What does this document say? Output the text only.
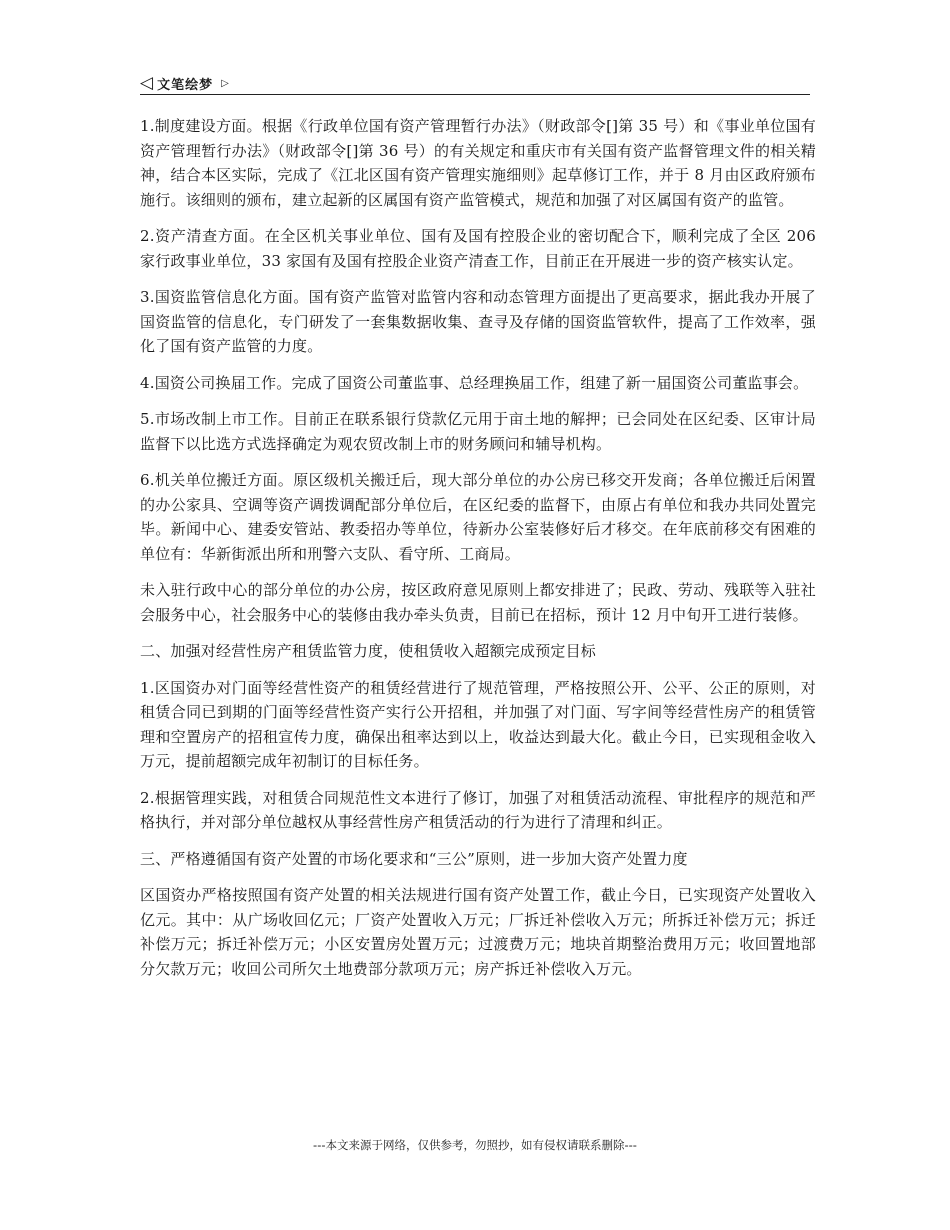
◁ 文笔绘梦 ▷

1.制度建设方面。根据《行政单位国有资产管理暂行办法》（财政部令[]第 35 号）和《事业单位国有资产管理暂行办法》（财政部令[]第 36 号）的有关规定和重庆市有关国有资产监督管理文件的相关精神，结合本区实际，完成了《江北区国有资产管理实施细则》起草修订工作，并于 8 月由区政府颁布施行。该细则的颁布，建立起新的区属国有资产监管模式，规范和加强了对区属国有资产的监管。

2.资产清查方面。在全区机关事业单位、国有及国有控股企业的密切配合下，顺利完成了全区 206 家行政事业单位，33 家国有及国有控股企业资产清查工作，目前正在开展进一步的资产核实认定。

3.国资监管信息化方面。国有资产监管对监管内容和动态管理方面提出了更高要求，据此我办开展了国资监管的信息化，专门研发了一套集数据收集、查寻及存储的国资监管软件，提高了工作效率，强化了国有资产监管的力度。

4.国资公司换届工作。完成了国资公司董监事、总经理换届工作，组建了新一届国资公司董监事会。

5.市场改制上市工作。目前正在联系银行贷款亿元用于亩土地的解押；已会同处在区纪委、区审计局监督下以比选方式选择确定为观农贸改制上市的财务顾问和辅导机构。

6.机关单位搬迁方面。原区级机关搬迁后，现大部分单位的办公房已移交开发商；各单位搬迁后闲置的办公家具、空调等资产调拨调配部分单位后，在区纪委的监督下，由原占有单位和我办共同处置完毕。新闻中心、建委安管站、教委招办等单位，待新办公室装修好后才移交。在年底前移交有困难的单位有：华新街派出所和刑警六支队、看守所、工商局。

未入驻行政中心的部分单位的办公房，按区政府意见原则上都安排进了；民政、劳动、残联等入驻社会服务中心，社会服务中心的装修由我办牵头负责，目前已在招标，预计 12 月中旬开工进行装修。

二、加强对经营性房产租赁监管力度，使租赁收入超额完成预定目标

1.区国资办对门面等经营性资产的租赁经营进行了规范管理，严格按照公开、公平、公正的原则，对租赁合同已到期的门面等经营性资产实行公开招租，并加强了对门面、写字间等经营性房产的租赁管理和空置房产的招租宣传力度，确保出租率达到以上，收益达到最大化。截止今日，已实现租金收入万元，提前超额完成年初制订的目标任务。

2.根据管理实践，对租赁合同规范性文本进行了修订，加强了对租赁活动流程、审批程序的规范和严格执行，并对部分单位越权从事经营性房产租赁活动的行为进行了清理和纠正。

三、严格遵循国有资产处置的市场化要求和“三公”原则，进一步加大资产处置力度

区国资办严格按照国有资产处置的相关法规进行国有资产处置工作，截止今日，已实现资产处置收入亿元。其中：从广场收回亿元；厂资产处置收入万元；厂拆迁补偿收入万元；所拆迁补偿万元；拆迁补偿万元；拆迁补偿万元；小区安置房处置万元；过渡费万元；地块首期整治费用万元；收回置地部分欠款万元；收回公司所欠土地费部分款项万元；房产拆迁补偿收入万元。

---本文来源于网络，仅供参考，勿照抄，如有侵权请联系删除---
